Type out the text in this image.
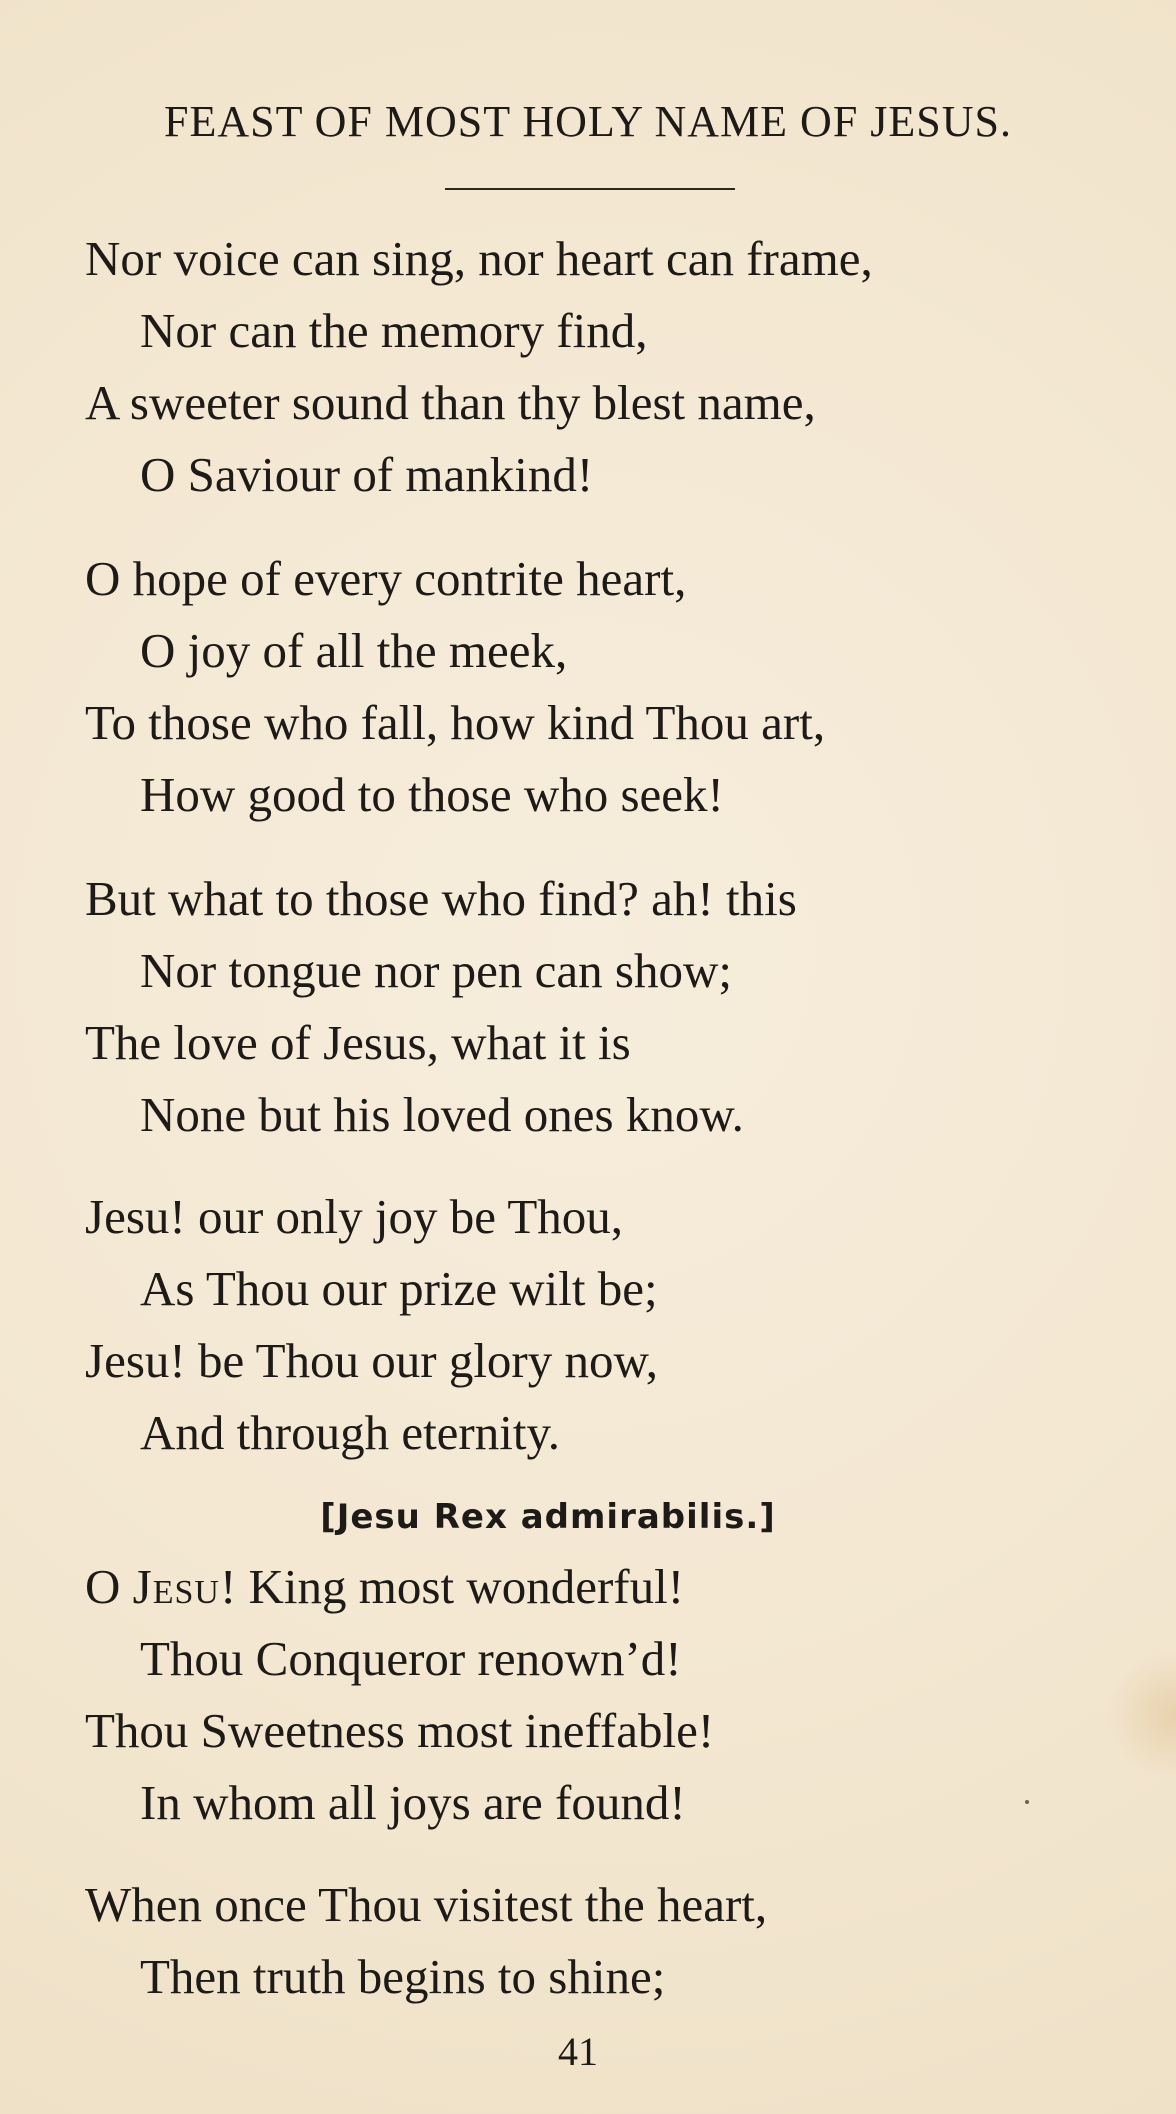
FEAST OF MOST HOLY NAME OF JESUS.
Nor voice can sing, nor heart can frame,
Nor can the memory find,
A sweeter sound than thy blest name,
O Saviour of mankind!
O hope of every contrite heart,
O joy of all the meek,
To those who fall, how kind Thou art,
How good to those who seek!
But what to those who find? ah! this
Nor tongue nor pen can show;
The love of Jesus, what it is
None but his loved ones know.
Jesu! our only joy be Thou,
As Thou our prize wilt be;
Jesu! be Thou our glory now,
And through eternity.
O Jesu! King most wonderful!
Thou Conqueror renown’d!
Thou Sweetness most ineffable!
In whom all joys are found!
When once Thou visitest the heart,
Then truth begins to shine;
[Jesu Rex admirabilis.]
41
